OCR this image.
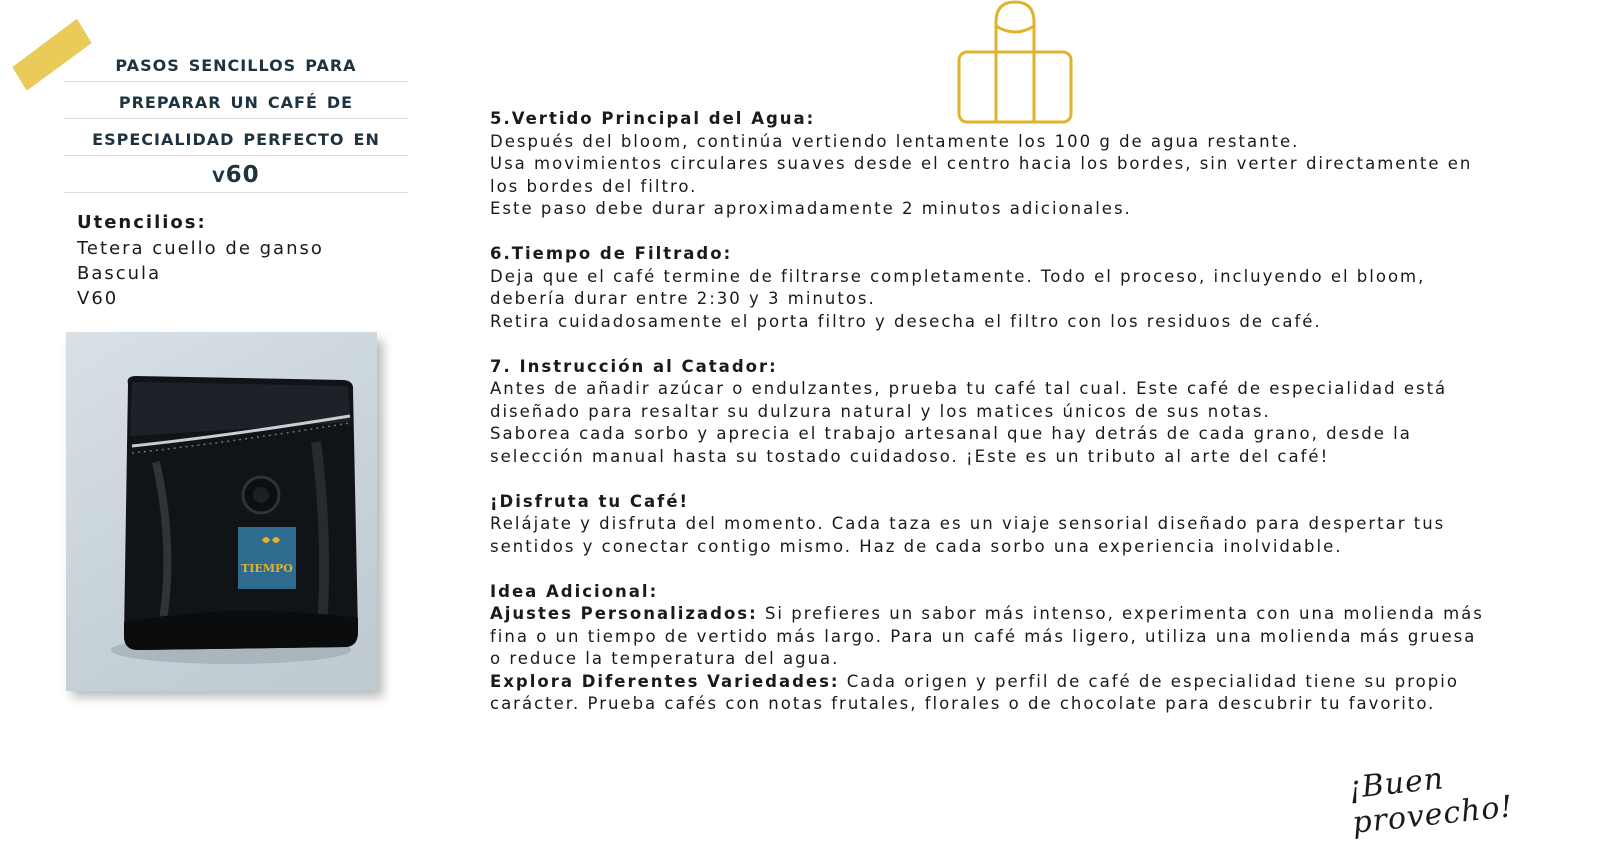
pasos sencillos para preparar un café de especialidad perfecto en v60
Utencilios:
Tetera cuello de ganso
Bascula
V60
TIEMPO

5.Vertido Principal del Agua:
Después del bloom, continúa vertiendo lentamente los 100 g de agua restante.
Usa movimientos circulares suaves desde el centro hacia los bordes, sin verter directamente en los bordes del filtro.
Este paso debe durar aproximadamente 2 minutos adicionales.

6.Tiempo de Filtrado:
Deja que el café termine de filtrarse completamente. Todo el proceso, incluyendo el bloom, debería durar entre 2:30 y 3 minutos.
Retira cuidadosamente el porta filtro y desecha el filtro con los residuos de café.

7. Instrucción al Catador:
Antes de añadir azúcar o endulzantes, prueba tu café tal cual. Este café de especialidad está diseñado para resaltar su dulzura natural y los matices únicos de sus notas.
Saborea cada sorbo y aprecia el trabajo artesanal que hay detrás de cada grano, desde la selección manual hasta su tostado cuidadoso. ¡Este es un tributo al arte del café!

¡Disfruta tu Café!
Relájate y disfruta del momento. Cada taza es un viaje sensorial diseñado para despertar tus sentidos y conectar contigo mismo. Haz de cada sorbo una experiencia inolvidable.

Idea Adicional:
Ajustes Personalizados: Si prefieres un sabor más intenso, experimenta con una molienda más fina o un tiempo de vertido más largo. Para un café más ligero, utiliza una molienda más gruesa o reduce la temperatura del agua.
Explora Diferentes Variedades: Cada origen y perfil de café de especialidad tiene su propio carácter. Prueba cafés con notas frutales, florales o de chocolate para descubrir tu favorito.

¡Buen provecho!
